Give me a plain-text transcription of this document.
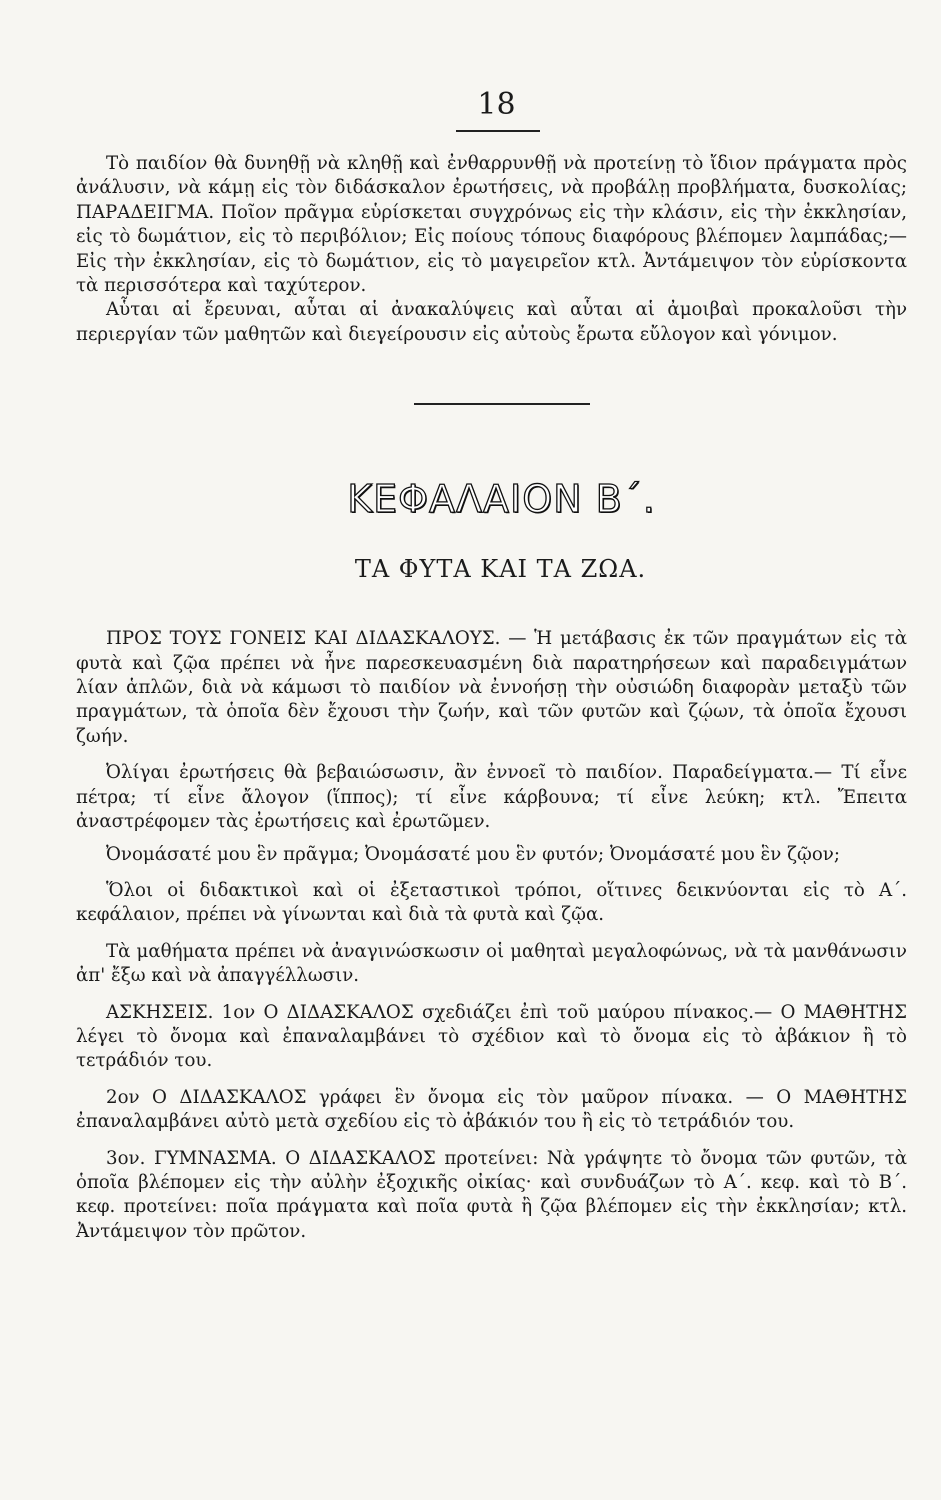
18

Τὸ παιδίον θὰ δυνηθῇ νὰ κληθῇ καὶ ἐνθαρρυνθῇ νὰ προτείνῃ τὸ ἴδιον πράγματα πρὸς ἀνάλυσιν, νὰ κάμῃ εἰς τὸν διδάσκαλον ἐρωτήσεις, νὰ προβάλῃ προβλήματα, δυσκολίας; ΠΑΡΑΔΕΙΓΜΑ. Ποῖον πρᾶγμα εὑρίσκεται συγχρόνως εἰς τὴν κλάσιν, εἰς τὴν ἐκκλησίαν, εἰς τὸ δωμάτιον, εἰς τὸ περιβόλιον; Εἰς ποίους τόπους διαφόρους βλέπομεν λαμπάδας;—Εἰς τὴν ἐκκλησίαν, εἰς τὸ δωμάτιον, εἰς τὸ μαγειρεῖον κτλ. Ἀντάμειψον τὸν εὑρίσκοντα τὰ περισσότερα καὶ ταχύτερον.

Αὗται αἱ ἔρευναι, αὗται αἱ ἀνακαλύψεις καὶ αὗται αἱ ἀμοιβαὶ προκαλοῦσι τὴν περιεργίαν τῶν μαθητῶν καὶ διεγείρουσιν εἰς αὐτοὺς ἔρωτα εὔλογον καὶ γόνιμον.

ΚΕΦΑΛΑΙΟΝ Β΄.
ΤΑ ΦΥΤΑ ΚΑΙ ΤΑ ΖΩΑ.

ΠΡΟΣ ΤΟΥΣ ΓΟΝΕΙΣ ΚΑΙ ΔΙΔΑΣΚΑΛΟΥΣ. — Ἡ μετάβασις ἐκ τῶν πραγμάτων εἰς τὰ φυτὰ καὶ ζῷα πρέπει νὰ ἦνε παρεσκευασμένη διὰ παρατηρήσεων καὶ παραδειγμάτων λίαν ἁπλῶν, διὰ νὰ κάμωσι τὸ παιδίον νὰ ἐννοήσῃ τὴν οὐσιώδη διαφορὰν μεταξὺ τῶν πραγμάτων, τὰ ὁποῖα δὲν ἔχουσι τὴν ζωήν, καὶ τῶν φυτῶν καὶ ζῴων, τὰ ὁποῖα ἔχουσι ζωήν.

Ὀλίγαι ἐρωτήσεις θὰ βεβαιώσωσιν, ἂν ἐννοεῖ τὸ παιδίον. Παραδείγματα.— Τί εἶνε πέτρα; τί εἶνε ἄλογον (ἵππος); τί εἶνε κάρβουνα; τί εἶνε λεύκη; κτλ. Ἔπειτα ἀναστρέφομεν τὰς ἐρωτήσεις καὶ ἐρωτῶμεν.

Ὀνομάσατέ μου ἓν πρᾶγμα; Ὀνομάσατέ μου ἓν φυτόν; Ὀνομάσατέ μου ἓν ζῷον;

Ὅλοι οἱ διδακτικοὶ καὶ οἱ ἐξεταστικοὶ τρόποι, οἵτινες δεικνύονται εἰς τὸ Α΄. κεφάλαιον, πρέπει νὰ γίνωνται καὶ διὰ τὰ φυτὰ καὶ ζῷα.

Τὰ μαθήματα πρέπει νὰ ἀναγινώσκωσιν οἱ μαθηταὶ μεγαλοφώνως, νὰ τὰ μανθάνωσιν ἀπ' ἔξω καὶ νὰ ἀπαγγέλλωσιν.

ΑΣΚΗΣΕΙΣ. 1ον Ο ΔΙΔΑΣΚΑΛΟΣ σχεδιάζει ἐπὶ τοῦ μαύρου πίνακος.— Ο ΜΑΘΗΤΗΣ λέγει τὸ ὄνομα καὶ ἐπαναλαμβάνει τὸ σχέδιον καὶ τὸ ὄνομα εἰς τὸ ἀβάκιον ἢ τὸ τετράδιόν του.

2ον Ο ΔΙΔΑΣΚΑΛΟΣ γράφει ἓν ὄνομα εἰς τὸν μαῦρον πίνακα. — Ο ΜΑΘΗΤΗΣ ἐπαναλαμβάνει αὐτὸ μετὰ σχεδίου εἰς τὸ ἀβάκιόν του ἢ εἰς τὸ τετράδιόν του.

3ον. ΓΥΜΝΑΣΜΑ. Ο ΔΙΔΑΣΚΑΛΟΣ προτείνει: Νὰ γράψητε τὸ ὄνομα τῶν φυτῶν, τὰ ὁποῖα βλέπομεν εἰς τὴν αὐλὴν ἐξοχικῆς οἰκίας· καὶ συνδυάζων τὸ Α΄. κεφ. καὶ τὸ Β΄. κεφ. προτείνει: ποῖα πράγματα καὶ ποῖα φυτὰ ἢ ζῷα βλέπομεν εἰς τὴν ἐκκλησίαν; κτλ. Ἀντάμειψον τὸν πρῶτον.
